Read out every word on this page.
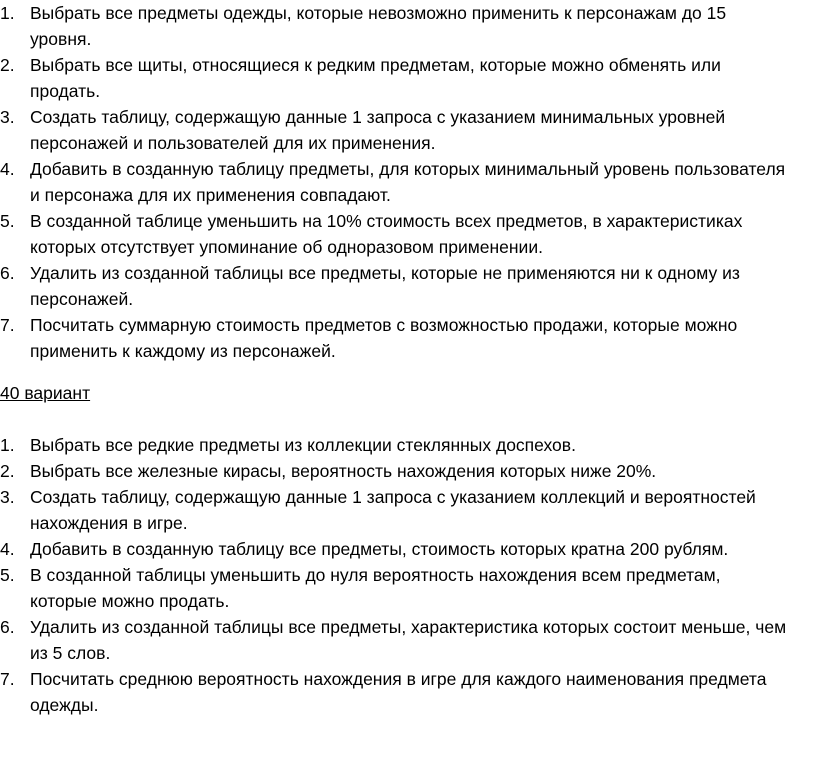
1. Выбрать все предметы одежды, которые невозможно применить к персонажам до 15 уровня.
2. Выбрать все щиты, относящиеся к редким предметам, которые можно обменять или продать.
3. Создать таблицу, содержащую данные 1 запроса с указанием минимальных уровней персонажей и пользователей для их применения.
4. Добавить в созданную таблицу предметы, для которых минимальный уровень пользователя и персонажа для их применения совпадают.
5. В созданной таблице уменьшить на 10% стоимость всех предметов, в характеристиках которых отсутствует упоминание об одноразовом применении.
6. Удалить из созданной таблицы все предметы, которые не применяются ни к одному из персонажей.
7. Посчитать суммарную стоимость предметов с возможностью продажи, которые можно применить к каждому из персонажей.
40 вариант
1. Выбрать все редкие предметы из коллекции стеклянных доспехов.
2. Выбрать все железные кирасы, вероятность нахождения которых ниже 20%.
3. Создать таблицу, содержащую данные 1 запроса с указанием коллекций и вероятностей нахождения в игре.
4. Добавить в созданную таблицу все предметы, стоимость которых кратна 200 рублям.
5. В созданной таблицы уменьшить до нуля вероятность нахождения всем предметам, которые можно продать.
6. Удалить из созданной таблицы все предметы, характеристика которых состоит меньше, чем из 5 слов.
7. Посчитать среднюю вероятность нахождения в игре для каждого наименования предмета одежды.
